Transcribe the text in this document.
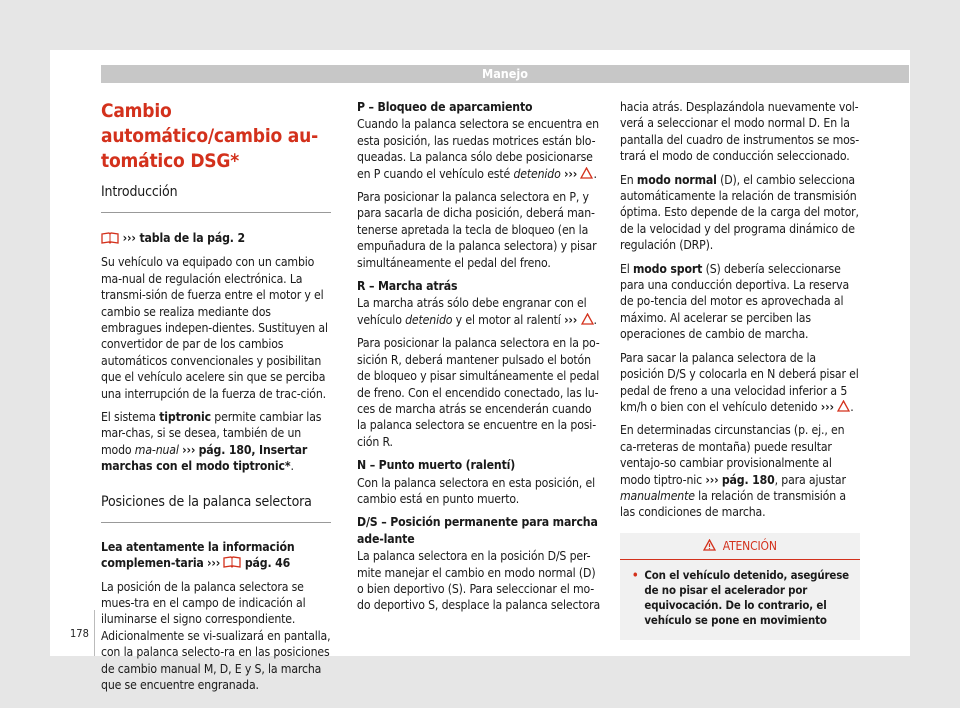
Manejo
Cambio automático/cambio au-tomático DSG*
Introducción
››› tabla de la pág. 2

Su vehículo va equipado con un cambio ma-nual de regulación electrónica. La transmi-sión de fuerza entre el motor y el cambio se realiza mediante dos embragues indepen-dientes. Sustituyen al convertidor de par de los cambios automáticos convencionales y posibilitan que el vehículo acelere sin que se perciba una interrupción de la fuerza de trac-ción.

El sistema tiptronic permite cambiar las mar-chas, si se desea, también de un modo ma-nual ››› pág. 180, Insertar marchas con el modo tiptronic*.

Posiciones de la palanca selectora

Lea atentamente la información complemen-taria ››› pág. 46

La posición de la palanca selectora se mues-tra en el campo de indicación al iluminarse el signo correspondiente. Adicionalmente se vi-sualizará en pantalla, con la palanca selecto-ra en las posiciones de cambio manual M, D, E y S, la marcha que se encuentre engranada.

P – Bloqueo de aparcamiento

Cuando la palanca selectora se encuentra en esta posición, las ruedas motrices están blo-queadas. La palanca sólo debe posicionarse en P cuando el vehículo esté detenido ››› .

Para posicionar la palanca selectora en P, y para sacarla de dicha posición, deberá man-tenerse apretada la tecla de bloqueo (en la empuñadura de la palanca selectora) y pisar simultáneamente el pedal del freno.

R – Marcha atrás

La marcha atrás sólo debe engranar con el vehículo detenido y el motor al ralentí ››› .

Para posicionar la palanca selectora en la po-sición R, deberá mantener pulsado el botón de bloqueo y pisar simultáneamente el pedal de freno. Con el encendido conectado, las lu-ces de marcha atrás se encenderán cuando la palanca selectora se encuentre en la posi-ción R.

N – Punto muerto (ralentí)

Con la palanca selectora en esta posición, el cambio está en punto muerto.

D/S – Posición permanente para marcha ade-lante

La palanca selectora en la posición D/S per-mite manejar el cambio en modo normal (D) o bien deportivo (S). Para seleccionar el mo-do deportivo S, desplace la palanca selectora

hacia atrás. Desplazándola nuevamente vol-verá a seleccionar el modo normal D. En la pantalla del cuadro de instrumentos se mos-trará el modo de conducción seleccionado.

En modo normal (D), el cambio selecciona automáticamente la relación de transmisión óptima. Esto depende de la carga del motor, de la velocidad y del programa dinámico de regulación (DRP).

El modo sport (S) debería seleccionarse para una conducción deportiva. La reserva de po-tencia del motor es aprovechada al máximo. Al acelerar se perciben las operaciones de cambio de marcha.

Para sacar la palanca selectora de la posición D/S y colocarla en N deberá pisar el pedal de freno a una velocidad inferior a 5 km/h o bien con el vehículo detenido ››› .

En determinadas circunstancias (p. ej., en ca-rreteras de montaña) puede resultar ventajo-so cambiar provisionalmente al modo tiptro-nic ››› pág. 180, para ajustar manualmente la relación de transmisión a las condiciones de marcha.

ATENCIÓN
• Con el vehículo detenido, asegúrese de no pisar el acelerador por equivocación. De lo contrario, el vehículo se pone en movimiento
178
